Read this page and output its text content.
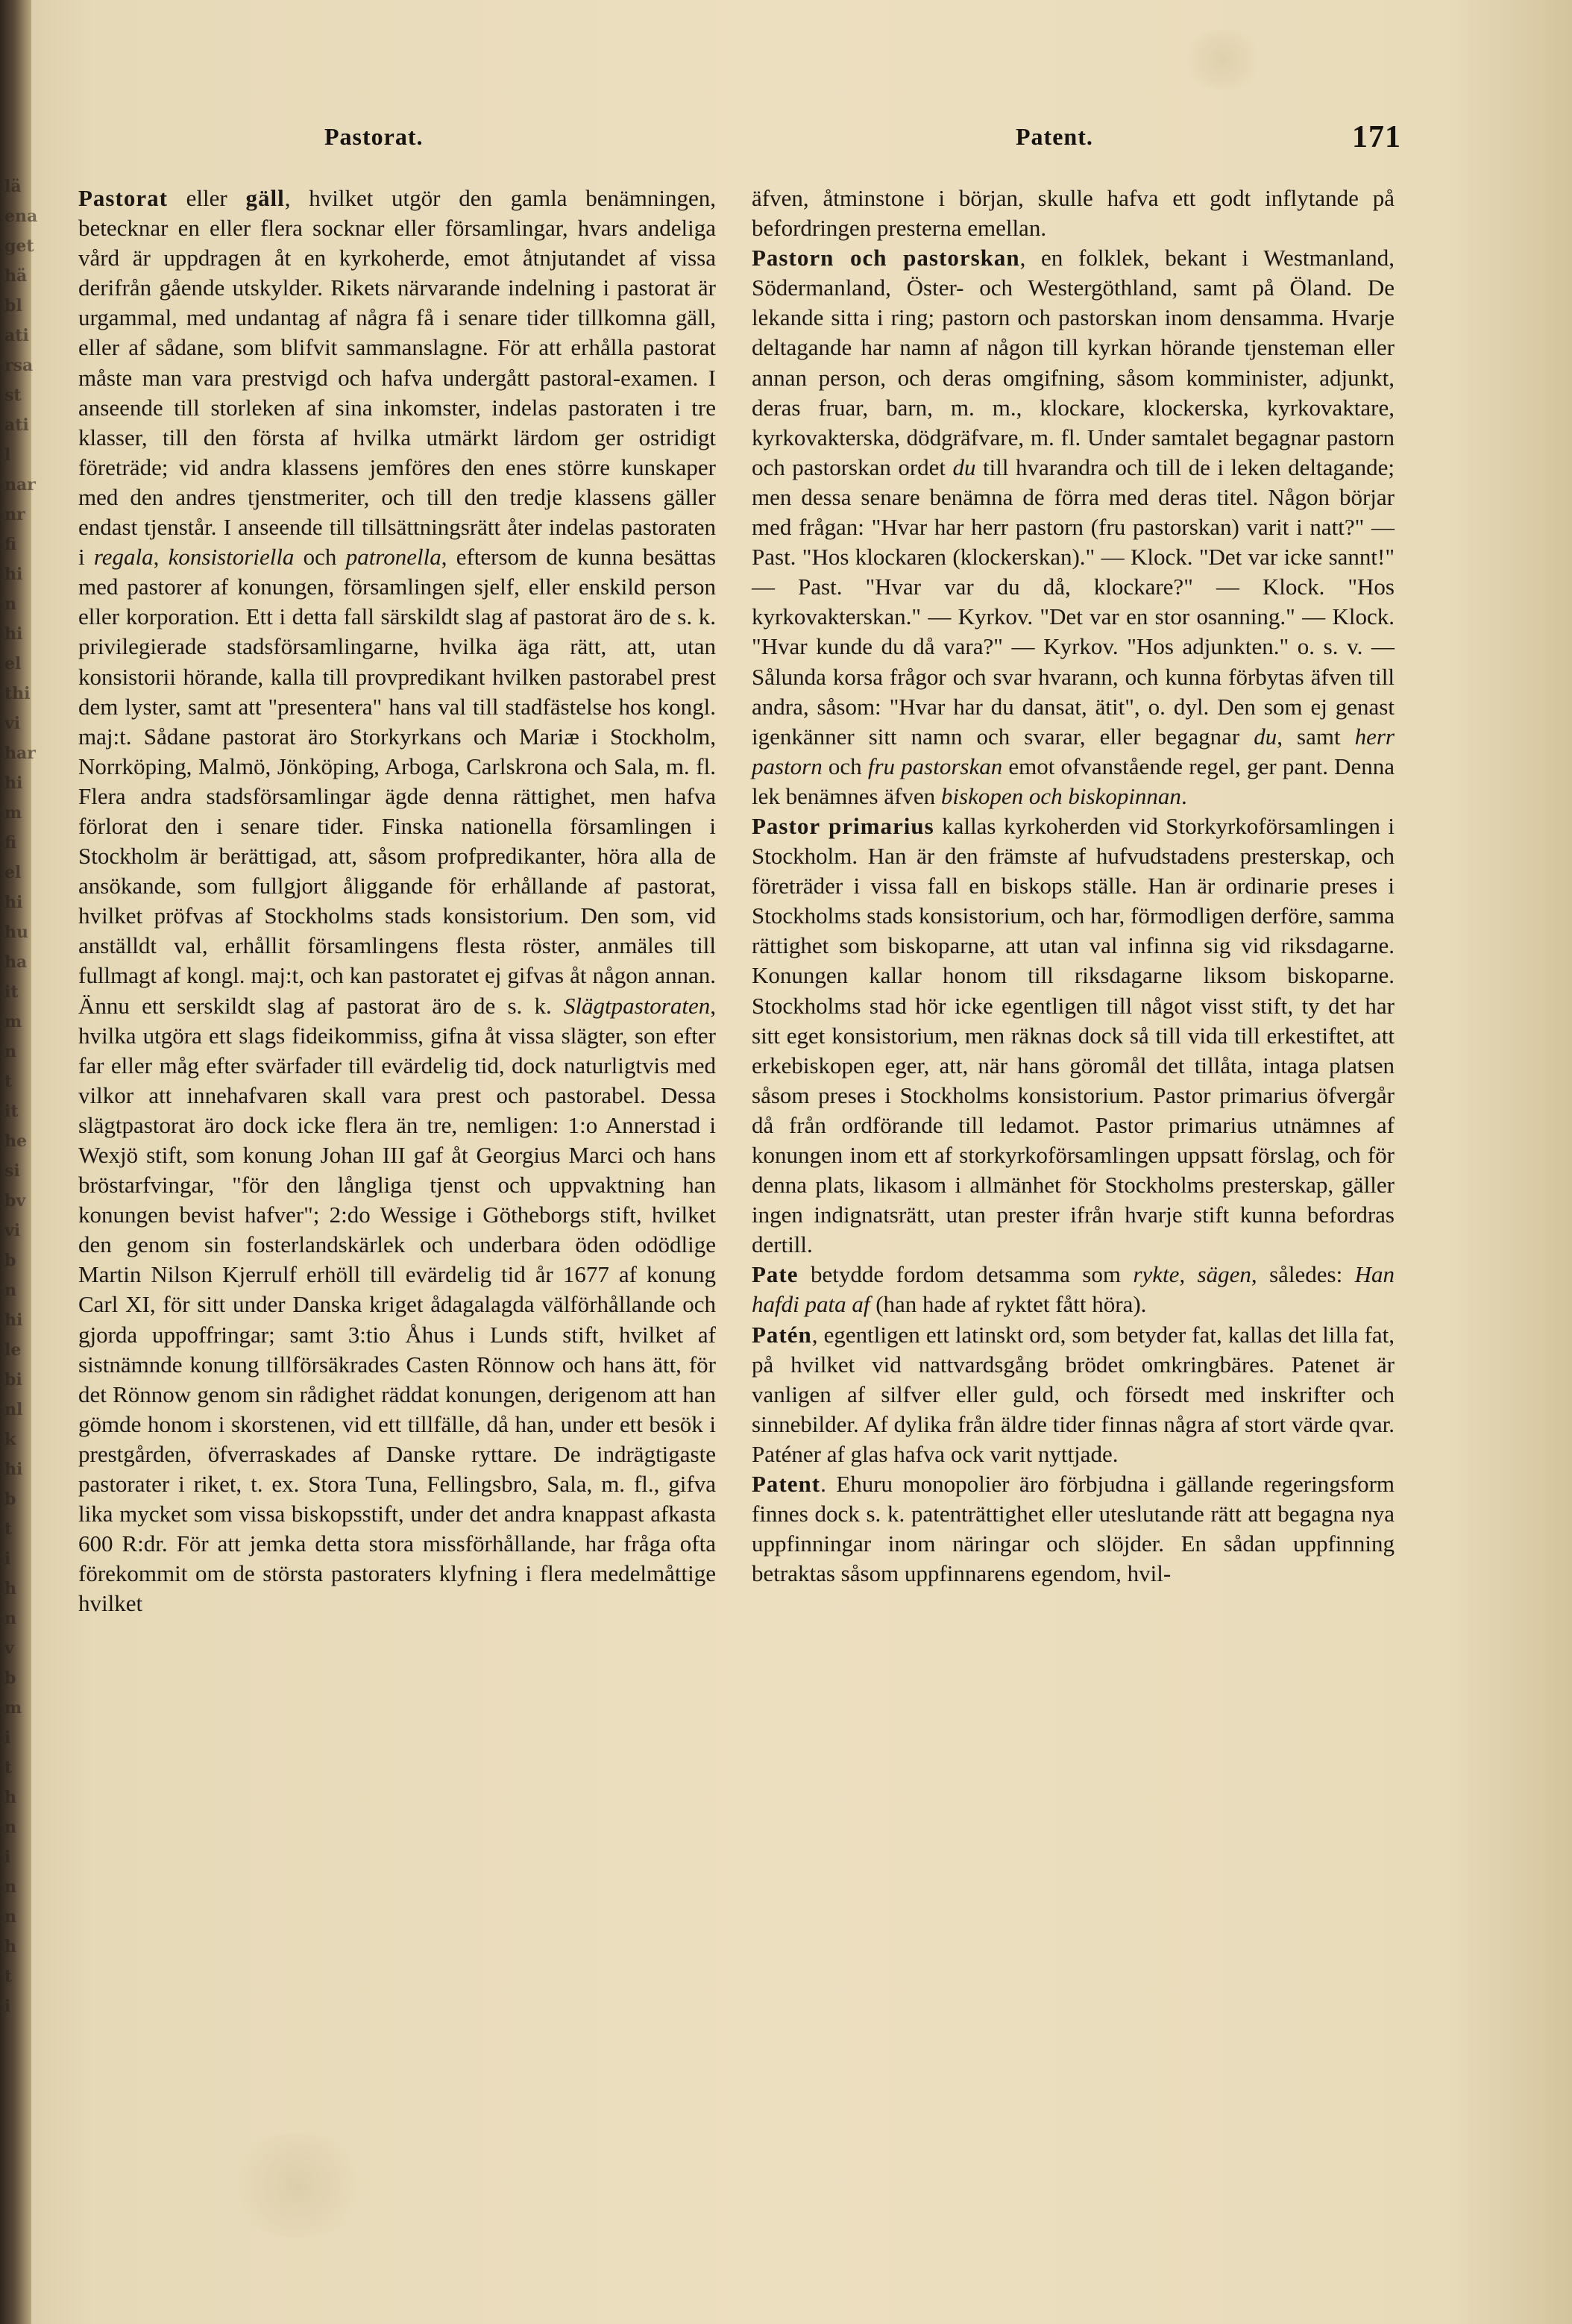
lä
ena
get
hä
bl
ati
rsa
st
ati
l
nar
nr
fi
hi
n
hi
el
thi
vi
har
hi
m
fi
el
hi
hu
ha
it
m
n
t
it
he
si
bv
vi
b
n
hi
le
bi
nl
k
hi
b
t
i
h
n
v
b
m
i
t
h
n
i
n
n
h
t
i
Pastorat.	Patent.	171

Pastorat eller gäll, hvilket utgör den gamla benämningen, betecknar en eller flera socknar eller församlingar, hvars andeliga vård är uppdragen åt en kyrkoherde, emot åtnjutandet af vissa derifrån gående utskylder. Rikets närvarande indelning i pastorat är urgammal, med undantag af några få i senare tider tillkomna gäll, eller af sådane, som blifvit sammanslagne. För att erhålla pastorat måste man vara prestvigd och hafva undergått pastoral-examen. I anseende till storleken af sina inkomster, indelas pastoraten i tre klasser, till den första af hvilka utmärkt lärdom ger ostridigt företräde; vid andra klassens jemföres den enes större kunskaper med den andres tjenstmeriter, och till den tredje klassens gäller endast tjenstår. I anseende till tillsättningsrätt åter indelas pastoraten i regala, konsistoriella och patronella, eftersom de kunna besättas med pastorer af konungen, församlingen sjelf, eller enskild person eller korporation. Ett i detta fall särskildt slag af pastorat äro de s. k. privilegierade stadsförsamlingarne, hvilka äga rätt, att, utan konsistorii hörande, kalla till provpredikant hvilken pastorabel prest dem lyster, samt att "presentera" hans val till stadfästelse hos kongl. maj:t. Sådane pastorat äro Storkyrkans och Mariæ i Stockholm, Norrköping, Malmö, Jönköping, Arboga, Carlskrona och Sala, m. fl. Flera andra stadsförsamlingar ägde denna rättighet, men hafva förlorat den i senare tider. Finska nationella församlingen i Stockholm är berättigad, att, såsom profpredikanter, höra alla de ansökande, som fullgjort åliggande för erhållande af pastorat, hvilket pröfvas af Stockholms stads konsistorium. Den som, vid anställdt val, erhållit församlingens flesta röster, anmäles till fullmagt af kongl. maj:t, och kan pastoratet ej gifvas åt någon annan. Ännu ett serskildt slag af pastorat äro de s. k. Slägtpastoraten, hvilka utgöra ett slags fideikommiss, gifna åt vissa slägter, son efter far eller måg efter svärfader till evärdelig tid, dock naturligtvis med vilkor att innehafvaren skall vara prest och pastorabel. Dessa slägtpastorat äro dock icke flera än tre, nemligen: 1:o Annerstad i Wexjö stift, som konung Johan III gaf åt Georgius Marci och hans bröstarfvingar, "för den långliga tjenst och uppvaktning han konungen bevist hafver"; 2:do Wessige i Götheborgs stift, hvilket den genom sin fosterlandskärlek och underbara öden odödlige Martin Nilson Kjerrulf erhöll till evärdelig tid år 1677 af konung Carl XI, för sitt under Danska kriget ådagalagda välförhållande och gjorda uppoffringar; samt 3:tio Åhus i Lunds stift, hvilket af sistnämnde konung tillförsäkrades Casten Rönnow och hans ätt, för det Rönnow genom sin rådighet räddat konungen, derigenom att han gömde honom i skorstenen, vid ett tillfälle, då han, under ett besök i prestgården, öfverraskades af Danske ryttare. De indrägtigaste pastorater i riket, t. ex. Stora Tuna, Fellingsbro, Sala, m. fl., gifva lika mycket som vissa biskopsstift, under det andra knappast afkasta 600 R:dr. För att jemka detta stora missförhållande, har fråga ofta förekommit om de största pastoraters klyfning i flera medelmåttige hvilket

äfven, åtminstone i början, skulle hafva ett godt inflytande på befordringen presterna emellan.

Pastorn och pastorskan, en folklek, bekant i Westmanland, Södermanland, Öster- och Westergöthland, samt på Öland. De lekande sitta i ring; pastorn och pastorskan inom densamma. Hvarje deltagande har namn af någon till kyrkan hörande tjensteman eller annan person, och deras omgifning, såsom komminister, adjunkt, deras fruar, barn, m. m., klockare, klockerska, kyrkovaktare, kyrkovakterska, dödgräfvare, m. fl. Under samtalet begagnar pastorn och pastorskan ordet du till hvarandra och till de i leken deltagande; men dessa senare benämna de förra med deras titel. Någon börjar med frågan: "Hvar har herr pastorn (fru pastorskan) varit i natt?" — Past. "Hos klockaren (klockerskan)." — Klock. "Det var icke sannt!" — Past. "Hvar var du då, klockare?" — Klock. "Hos kyrkovakterskan." — Kyrkov. "Det var en stor osanning." — Klock. "Hvar kunde du då vara?" — Kyrkov. "Hos adjunkten." o. s. v. — Sålunda korsa frågor och svar hvarann, och kunna förbytas äfven till andra, såsom: "Hvar har du dansat, ätit", o. dyl. Den som ej genast igenkänner sitt namn och svarar, eller begagnar du, samt herr pastorn och fru pastorskan emot ofvanstående regel, ger pant. Denna lek benämnes äfven biskopen och biskopinnan.

Pastor primarius kallas kyrkoherden vid Storkyrkoförsamlingen i Stockholm. Han är den främste af hufvudstadens presterskap, och företräder i vissa fall en biskops ställe. Han är ordinarie preses i Stockholms stads konsistorium, och har, förmodligen derföre, samma rättighet som biskoparne, att utan val infinna sig vid riksdagarne. Konungen kallar honom till riksdagarne liksom biskoparne. Stockholms stad hör icke egentligen till något visst stift, ty det har sitt eget konsistorium, men räknas dock så till vida till erkestiftet, att erkebiskopen eger, att, när hans göromål det tillåta, intaga platsen såsom preses i Stockholms konsistorium. Pastor primarius öfvergår då från ordförande till ledamot. Pastor primarius utnämnes af konungen inom ett af storkyrkoförsamlingen uppsatt förslag, och för denna plats, likasom i allmänhet för Stockholms presterskap, gäller ingen indignatsrätt, utan prester ifrån hvarje stift kunna befordras dertill.

Pate betydde fordom detsamma som rykte, sägen, således: Han hafdi pata af (han hade af ryktet fått höra).

Patén, egentligen ett latinskt ord, som betyder fat, kallas det lilla fat, på hvilket vid nattvardsgång brödet omkringbäres. Patenet är vanligen af silfver eller guld, och försedt med inskrifter och sinnebilder. Af dylika från äldre tider finnas några af stort värde qvar. Paténer af glas hafva ock varit nyttjade.

Patent. Ehuru monopolier äro förbjudna i gällande regeringsform finnes dock s. k. patenträttighet eller uteslutande rätt att begagna nya uppfinningar inom näringar och slöjder. En sådan uppfinning betraktas såsom uppfinnarens egendom, hvil-
